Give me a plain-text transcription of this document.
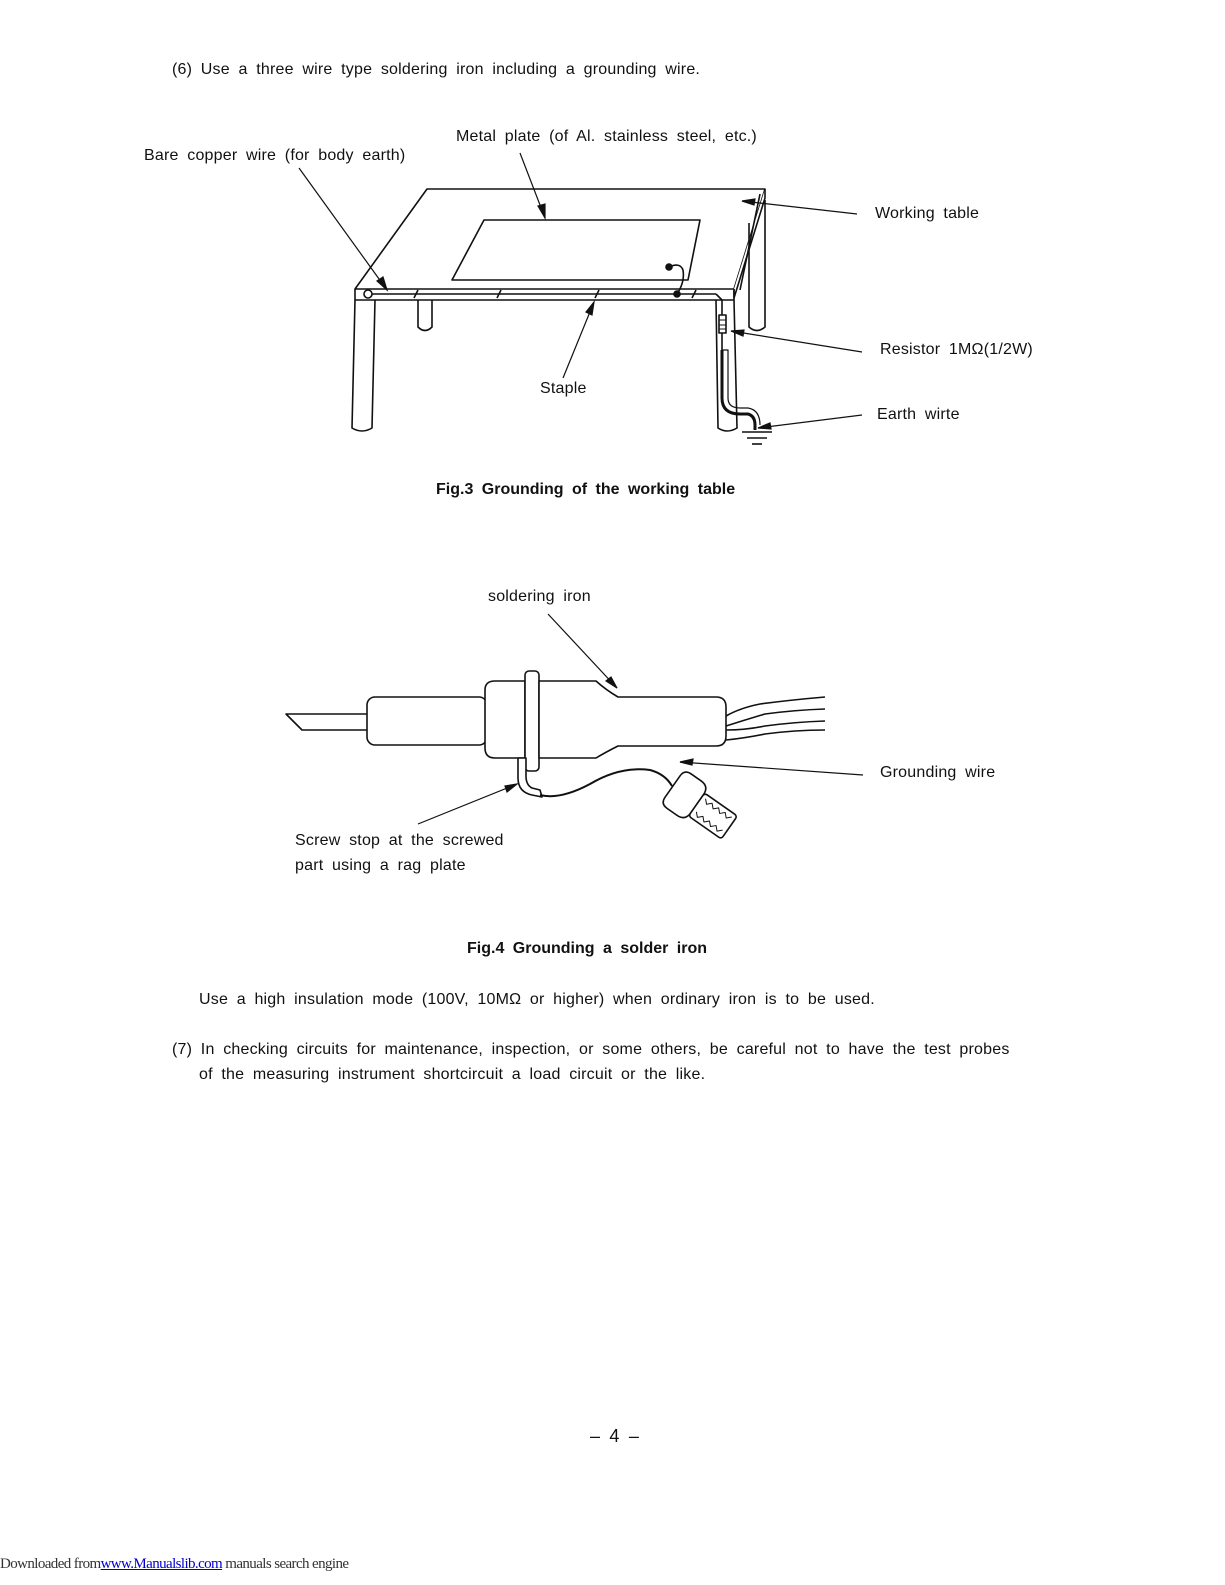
(6) Use a three wire type soldering iron including a grounding wire.
Metal plate (of Al. stainless steel, etc.)
Bare copper wire (for body earth)
Working table
Resistor 1MΩ(1/2W)
Staple
Earth wirte
Fig.3 Grounding of the working table
soldering iron
Grounding wire
Screw stop at the screwed
part using a rag plate
Fig.4 Grounding a solder iron
Use a high insulation mode (100V, 10MΩ or higher) when ordinary iron is to be used.
(7) In checking circuits for maintenance, inspection, or some others, be careful not to have the test probes
of the measuring instrument shortcircuit a load circuit or the like.
– 4 –
Downloaded fromwww.Manualslib.com manuals search engine
